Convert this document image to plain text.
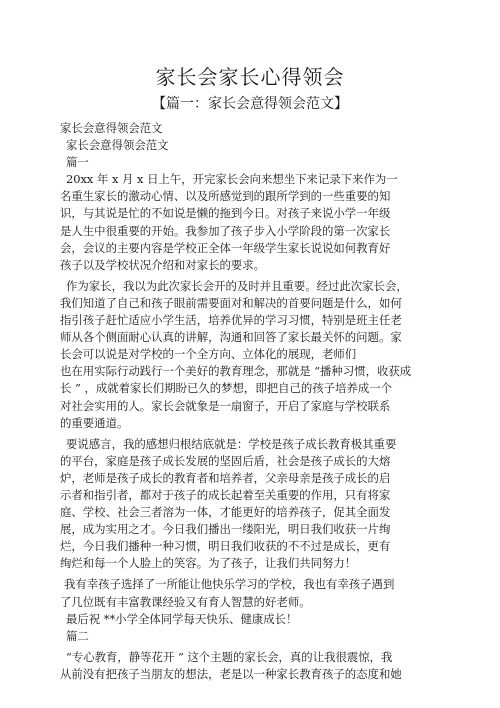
家长会家长心得领会
【篇一：家长会意得领会范文】
家长会意得领会范文
家长会意得领会范文
篇一
20xx 年 x 月 x 日上午，开完家长会向来想坐下来记录下来作为一
名重生家长的激动心情、以及所感觉到的跟所学到的一些重要的知
识，与其说是忙的不如说是懒的拖到今日。对孩子来说小学一年级
是人生中很重要的开始。我参加了孩子步入小学阶段的第一次家长
会，会议的主要内容是学校正全体一年级学生家长说说如何教育好
孩子以及学校状况介绍和对家长的要求。
作为家长，我以为此次家长会开的及时并且重要。经过此次家长会，
我们知道了自己和孩子眼前需要面对和解决的首要问题是什么，如何
指引孩子赶忙适应小学生活，培养优异的学习习惯，特别是班主任老
师从各个侧面耐心认真的讲解，沟通和回答了家长最关怀的问题。家
长会可以说是对学校的一个全方向、立体化的展现，老师们
也在用实际行动践行一个美好的教育理念，那就是 “播种习惯，收获成
长 ” ，成就着家长们期盼已久的梦想，即把自己的孩子培养成一个
对社会实用的人。家长会就象是一扇窗子，开启了家庭与学校联系
的重要通道。
要说感言，我的感想归根结底就是：学校是孩子成长教育极其重要
的平台，家庭是孩子成长发展的坚固后盾，社会是孩子成长的大熔
炉，老师是孩子成长的教育者和培养者，父亲母亲是孩子成长的启
示者和指引者，都对于孩子的成长起着至关重要的作用，只有将家
庭、学校、社会三者溶为一体，才能更好的培养孩子，促其全面发
展，成为实用之才。今日我们播出一缕阳光，明日我们收获一片绚
烂，今日我们播种一种习惯，明日我们收获的不不过是成长，更有
绚烂和每一个人脸上的笑容。为了孩子，让我们共同努力！
我有幸孩子选择了一所能让他快乐学习的学校，我也有幸孩子遇到
了几位既有丰富教课经验又有育人智慧的好老师。
最后祝 **小学全体同学每天快乐、健康成长！
篇二
“专心教育，静等花开 ” 这个主题的家长会，真的让我很震惊，我
从前没有把孩子当朋友的想法，老是以一种家长教育孩子的态度和她
